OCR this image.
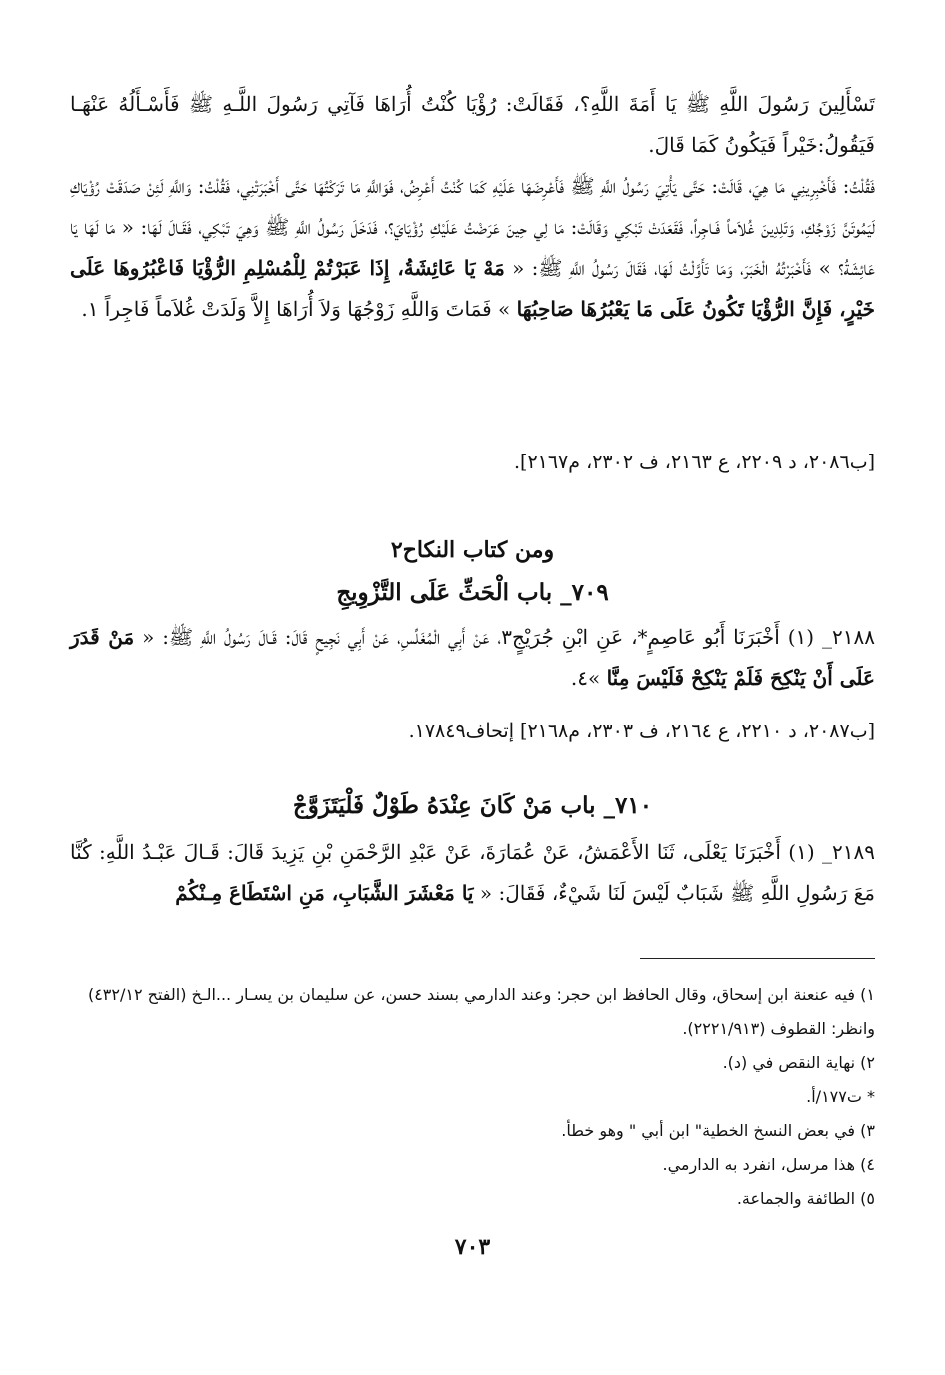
تَسْأَلِينَ رَسُولَ اللَّهِ ﷺ يَا أَمَةَ اللَّهِ؟، فَقَالَتْ: رُؤْيَا كُنْتُ أُرَاهَا فَآتِي رَسُولَ اللَّـهِ ﷺ فَأَسْـأَلُهُ عَنْهَـا فَيَقُولُ:خَيْراً فَيَكُونُ كَمَا قَالَ.

فَقُلْتُ: فَأَخْبِرِينِي مَا هِيَ، قَالَتْ: حَتَّى يَأْتِيَ رَسُولُ اللَّهِ ﷺ فَأَعْرِضَهَا عَلَيْهِ كَمَا كُنْتُ أَعْرِضُ، فَوَاللَّهِ مَا تَرَكْتُهَا حَتَّى أَخْبَرَتْنِي، فَقُلْتُ: وَاللَّهِ لَئِنْ صَدَقَتْ رُؤْيَاكِ لَيَمُوتَنَّ زَوْجُكِ، وَتَلِدِينَ غُلاَماً فَـاجِراً، فَقَعَدَتْ تَبْكِي وَقَالَتْ: مَا لِي حِينَ عَرَضْتُ عَلَيْكِ رُؤْيَايَ؟، فَدَخَلَ رَسُولُ اللَّهِ ﷺ وَهِيَ تَبْكِي، فَقَـالَ لَهَا: « مَا لَهَا يَا عَائِشَةُ؟ » فَأَخْبَرْتُهُ الْخَبَرَ، وَمَا تَأَوَّلْتُ لَهَا، فَقَالَ رَسُولُ اللَّهِ ﷺ: « مَهْ يَا عَائِشَةُ، إِذَا عَبَرْتُمْ لِلْمُسْلِمِ الرُّؤْيَا فَاعْبُرُوهَا عَلَى خَيْرٍ، فَإِنَّ الرُّؤْيَا تَكُونُ عَلَى مَا يَعْبُرُهَا صَاحِبُهَا » فَمَاتَ وَاللَّهِ زَوْجُهَا وَلاَ أُرَاهَا إِلاَّ وَلَدَتْ غُلاَماً فَاجِراً ١.

[ب٢٠٨٦، د ٢٢٠٩، ع ٢١٦٣، ف ٢٣٠٢، م٢١٦٧].
ومن كتاب النكاح٢
٧٠٩_ باب الْحَثِّ عَلَى التَّزْوِيجِ

٢١٨٨_ (١) أَخْبَرَنَا أَبُو عَاصِمٍ*، عَنِ ابْنِ جُرَيْجٍ٣، عَنْ أَبِي الْمُغَلِّسِ، عَنْ أَبِي نَجِيحٍ قَالَ: قَـالَ رَسُولُ اللَّهِ ﷺ: « مَنْ قَدَرَ عَلَى أَنْ يَنْكِحَ فَلَمْ يَنْكِحْ فَلَيْسَ مِنَّا »٤.

[ب٢٠٨٧، د ٢٢١٠، ع ٢١٦٤، ف ٢٣٠٣، م٢١٦٨] إتحاف١٧٨٤٩.
٧١٠_ باب مَنْ كَانَ عِنْدَهُ طَوْلٌ فَلْيَتَزَوَّجْ

٢١٨٩_ (١) أَخْبَرَنَا يَعْلَى، ثَنَا الأَعْمَشُ، عَنْ عُمَارَةَ، عَنْ عَبْدِ الرَّحْمَنِ بْنِ يَزِيدَ قَالَ: قَـالَ عَبْـدُ اللَّهِ: كُنَّا مَعَ رَسُولِ اللَّهِ ﷺ شَبَابٌ لَيْسَ لَنَا شَيْءٌ، فَقَالَ: « يَا مَعْشَرَ الشَّبَابِ، مَنِ اسْتَطَاعَ مِـنْكُمْ

١) فيه عنعنة ابن إسحاق، وقال الحافظ ابن حجر: وعند الدارمي بسند حسن، عن سليمان بن يسـار ...الـخ (الفتح ٤٣٢/١٢) وانظر: القطوف (٢٢٢١/٩١٣).

٢) نهاية النقص في (د).

* ت١٧٧/أ.

٣) في بعض النسخ الخطية" ابن أبي " وهو خطأ.

٤) هذا مرسل، انفرد به الدارمي.

٥) الطائفة والجماعة.

٧٠٣
